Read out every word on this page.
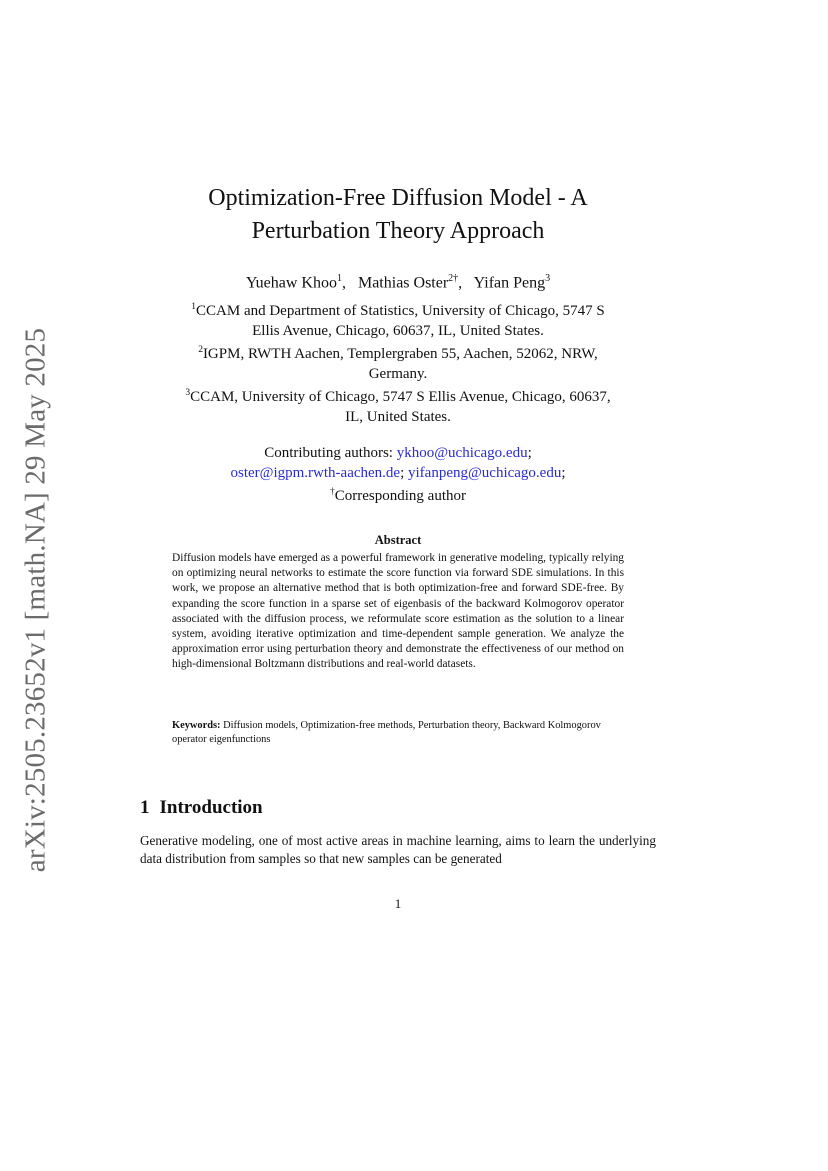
arXiv:2505.23652v1 [math.NA] 29 May 2025
Optimization-Free Diffusion Model - A
Perturbation Theory Approach
Yuehaw Khoo$^1$,   Mathias Oster$^{2\dagger}$,   Yifan Peng$^3$
$^1$CCAM and Department of Statistics, University of Chicago, 5747 S
Ellis Avenue, Chicago, 60637, IL, United States.
$^2$IGPM, RWTH Aachen, Templergraben 55, Aachen, 52062, NRW,
Germany.
$^3$CCAM, University of Chicago, 5747 S Ellis Avenue, Chicago, 60637,
IL, United States.
Contributing authors: ykhoo@uchicago.edu;
oster@igpm.rwth-aachen.de; yifanpeng@uchicago.edu;
†Corresponding author
Abstract
Diffusion models have emerged as a powerful framework in generative modeling, typically relying on optimizing neural networks to estimate the score function via forward SDE simulations. In this work, we propose an alternative method that is both optimization-free and forward SDE-free. By expanding the score function in a sparse set of eigenbasis of the backward Kolmogorov operator associated with the diffusion process, we reformulate score estimation as the solution to a linear system, avoiding iterative optimization and time-dependent sample generation. We analyze the approximation error using perturbation theory and demonstrate the effectiveness of our method on high-dimensional Boltzmann distributions and real-world datasets.
Keywords: Diffusion models, Optimization-free methods, Perturbation theory, Backward Kolmogorov operator eigenfunctions
1 Introduction
Generative modeling, one of most active areas in machine learning, aims to learn the underlying data distribution from samples so that new samples can be generated
1
